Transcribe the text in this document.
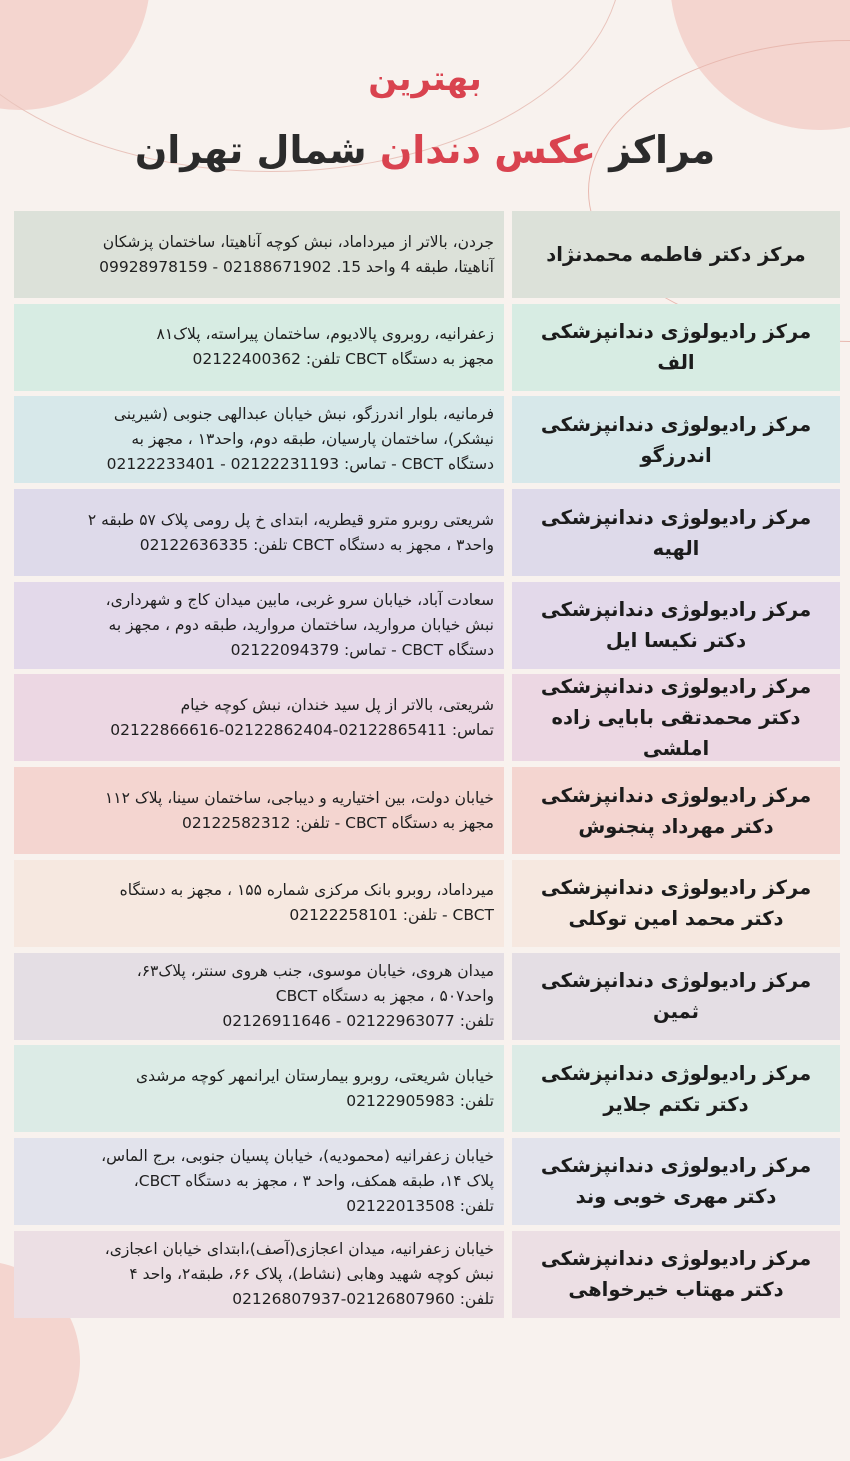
بهترین
مراکز عکس دندان شمال تهران
مرکز دکتر فاطمه محمدنژاد
جردن، بالاتر از میرداماد، نبش کوچه آناهیتا، ساختمان پزشکان
آناهیتا، طبقه 4 واحد 15. 02188671902 - 09928978159
مرکز رادیولوژی دندانپزشکی الف
زعفرانیه، روبروی پالادیوم، ساختمان پیراسته، پلاک۸۱
مجهز به دستگاه CBCT تلفن: 02122400362
مرکز رادیولوژی دندانپزشکی اندرزگو
فرمانیه، بلوار اندرزگو، نبش خیابان عبدالهی جنوبی (شیرینی
نیشکر)، ساختمان پارسیان، طبقه دوم، واحد۱۳ ، مجهز به
دستگاه CBCT - تماس: 02122231193 - 02122233401
مرکز رادیولوژی دندانپزشکی الهیه
شریعتی روبرو مترو قیطریه، ابتدای خ پل رومی پلاک ۵۷ طبقه ۲
واحد۳ ، مجهز به دستگاه CBCT تلفن: 02122636335
مرکز رادیولوژی دندانپزشکی دکتر نکیسا ایل
سعادت آباد، خیابان سرو غربی، مابین میدان کاج و شهرداری،
نبش خیابان مروارید، ساختمان مروارید، طبقه دوم ، مجهز به
دستگاه CBCT - تماس: 02122094379
مرکز رادیولوژی دندانپزشکی دکتر محمدتقی بابایی زاده املشی
شریعتی، بالاتر از پل سید خندان، نبش کوچه خیام
تماس: 02122865411-02122862404-02122866616
مرکز رادیولوژی دندانپزشکی دکتر مهرداد پنجنوش
خیابان دولت، بین اختیاریه و دیباجی، ساختمان سینا، پلاک ۱۱۲
مجهز به دستگاه CBCT - تلفن: 02122582312
مرکز رادیولوژی دندانپزشکی دکتر محمد امین توکلی
میرداماد، روبرو بانک مرکزی شماره ۱۵۵ ، مجهز به دستگاه
CBCT - تلفن: 02122258101
مرکز رادیولوژی دندانپزشکی ثمین
میدان هروی، خیابان موسوی، جنب هروی سنتر، پلاک۶۳،
واحد۵۰۷ ، مجهز به دستگاه CBCT
تلفن: 02122963077 - 02126911646
مرکز رادیولوژی دندانپزشکی دکتر تکتم جلایر
خیابان شریعتی، روبرو بیمارستان ایرانمهر کوچه مرشدی
تلفن: 02122905983
مرکز رادیولوژی دندانپزشکی دکتر مهری خوبی وند
خیابان زعفرانیه (محمودیه)، خیابان پسیان جنوبی، برج الماس،
پلاک ۱۴، طبقه همکف، واحد ۳ ، مجهز به دستگاه CBCT،
تلفن: 02122013508
مرکز رادیولوژی دندانپزشکی دکتر مهتاب خیرخواهی
خیابان زعفرانیه، میدان اعجازی(آصف)،ابتدای خیابان اعجازی،
نبش کوچه شهید وهابی (نشاط)، پلاک ۶۶، طبقه۲، واحد ۴
تلفن: 02126807960-02126807937
